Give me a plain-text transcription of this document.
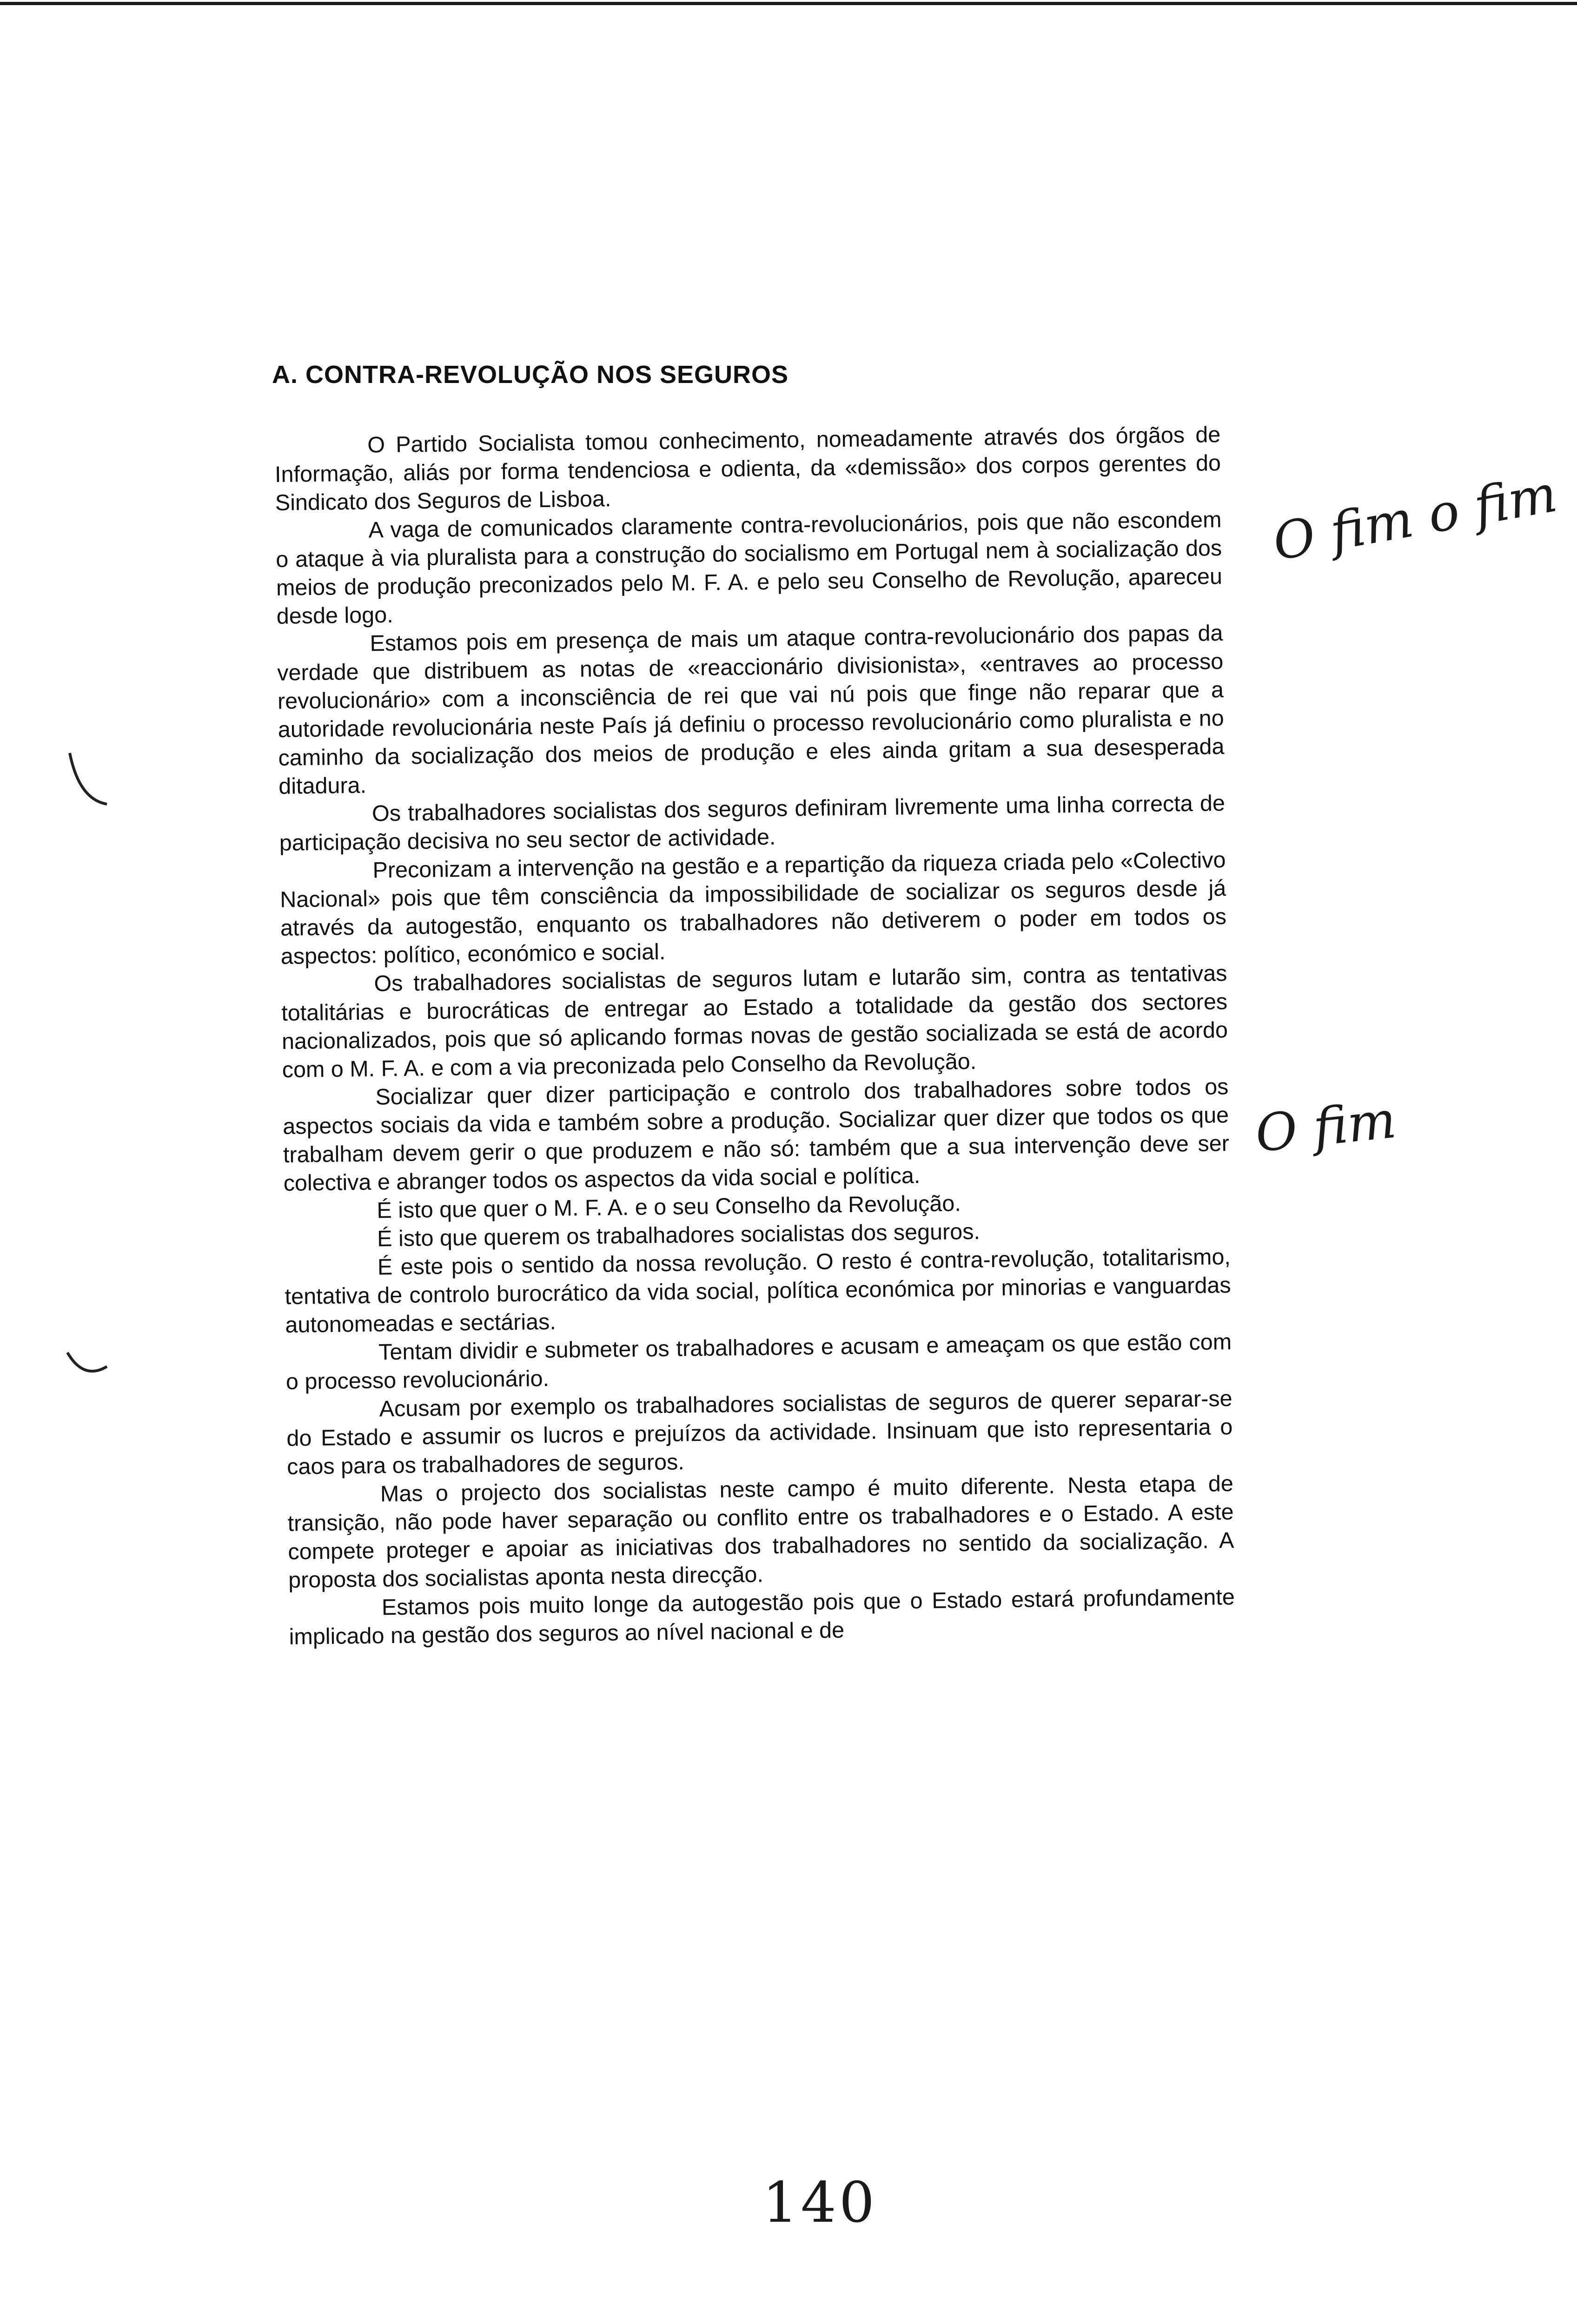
A. CONTRA-REVOLUÇÃO NOS SEGUROS

O Partido Socialista tomou conhecimento, nomeadamente através dos órgãos de Informação, aliás por forma tendenciosa e odienta, da «demissão» dos corpos gerentes do Sindicato dos Seguros de Lisboa.

A vaga de comunicados claramente contra-revolucionários, pois que não escondem o ataque à via pluralista para a construção do socialismo em Portugal nem à socialização dos meios de produção preconizados pelo M. F. A. e pelo seu Conselho de Revolução, apareceu desde logo.

Estamos pois em presença de mais um ataque contra-revolucionário dos papas da verdade que distribuem as notas de «reaccionário divisionista», «entraves ao processo revolucionário» com a inconsciência de rei que vai nú pois que finge não reparar que a autoridade revolucionária neste País já definiu o processo revolucionário como pluralista e no caminho da socialização dos meios de produção e eles ainda gritam a sua desesperada ditadura.

Os trabalhadores socialistas dos seguros definiram livremente uma linha correcta de participação decisiva no seu sector de actividade.

Preconizam a intervenção na gestão e a repartição da riqueza criada pelo «Colectivo Nacional» pois que têm consciência da impossibilidade de socializar os seguros desde já através da autogestão, enquanto os trabalhadores não detiverem o poder em todos os aspectos: político, económico e social.

Os trabalhadores socialistas de seguros lutam e lutarão sim, contra as tentativas totalitárias e burocráticas de entregar ao Estado a totalidade da gestão dos sectores nacionalizados, pois que só aplicando formas novas de gestão socializada se está de acordo com o M. F. A. e com a via preconizada pelo Conselho da Revolução.

Socializar quer dizer participação e controlo dos trabalhadores sobre todos os aspectos sociais da vida e também sobre a produção. Socializar quer dizer que todos os que trabalham devem gerir o que produzem e não só: também que a sua intervenção deve ser colectiva e abranger todos os aspectos da vida social e política.

É isto que quer o M. F. A. e o seu Conselho da Revolução.

É isto que querem os trabalhadores socialistas dos seguros.

É este pois o sentido da nossa revolução. O resto é contra-revolução, totalitarismo, tentativa de controlo burocrático da vida social, política económica por minorias e vanguardas autonomeadas e sectárias.

Tentam dividir e submeter os trabalhadores e acusam e ameaçam os que estão com o processo revolucionário.

Acusam por exemplo os trabalhadores socialistas de seguros de querer separar-se do Estado e assumir os lucros e prejuízos da actividade. Insinuam que isto representaria o caos para os trabalhadores de seguros.

Mas o projecto dos socialistas neste campo é muito diferente. Nesta etapa de transição, não pode haver separação ou conflito entre os trabalhadores e o Estado. A este compete proteger e apoiar as iniciativas dos trabalhadores no sentido da socialização. A proposta dos socialistas aponta nesta direcção.

Estamos pois muito longe da autogestão pois que o Estado estará profundamente implicado na gestão dos seguros ao nível nacional e de

O fim o fim
O fim
140
